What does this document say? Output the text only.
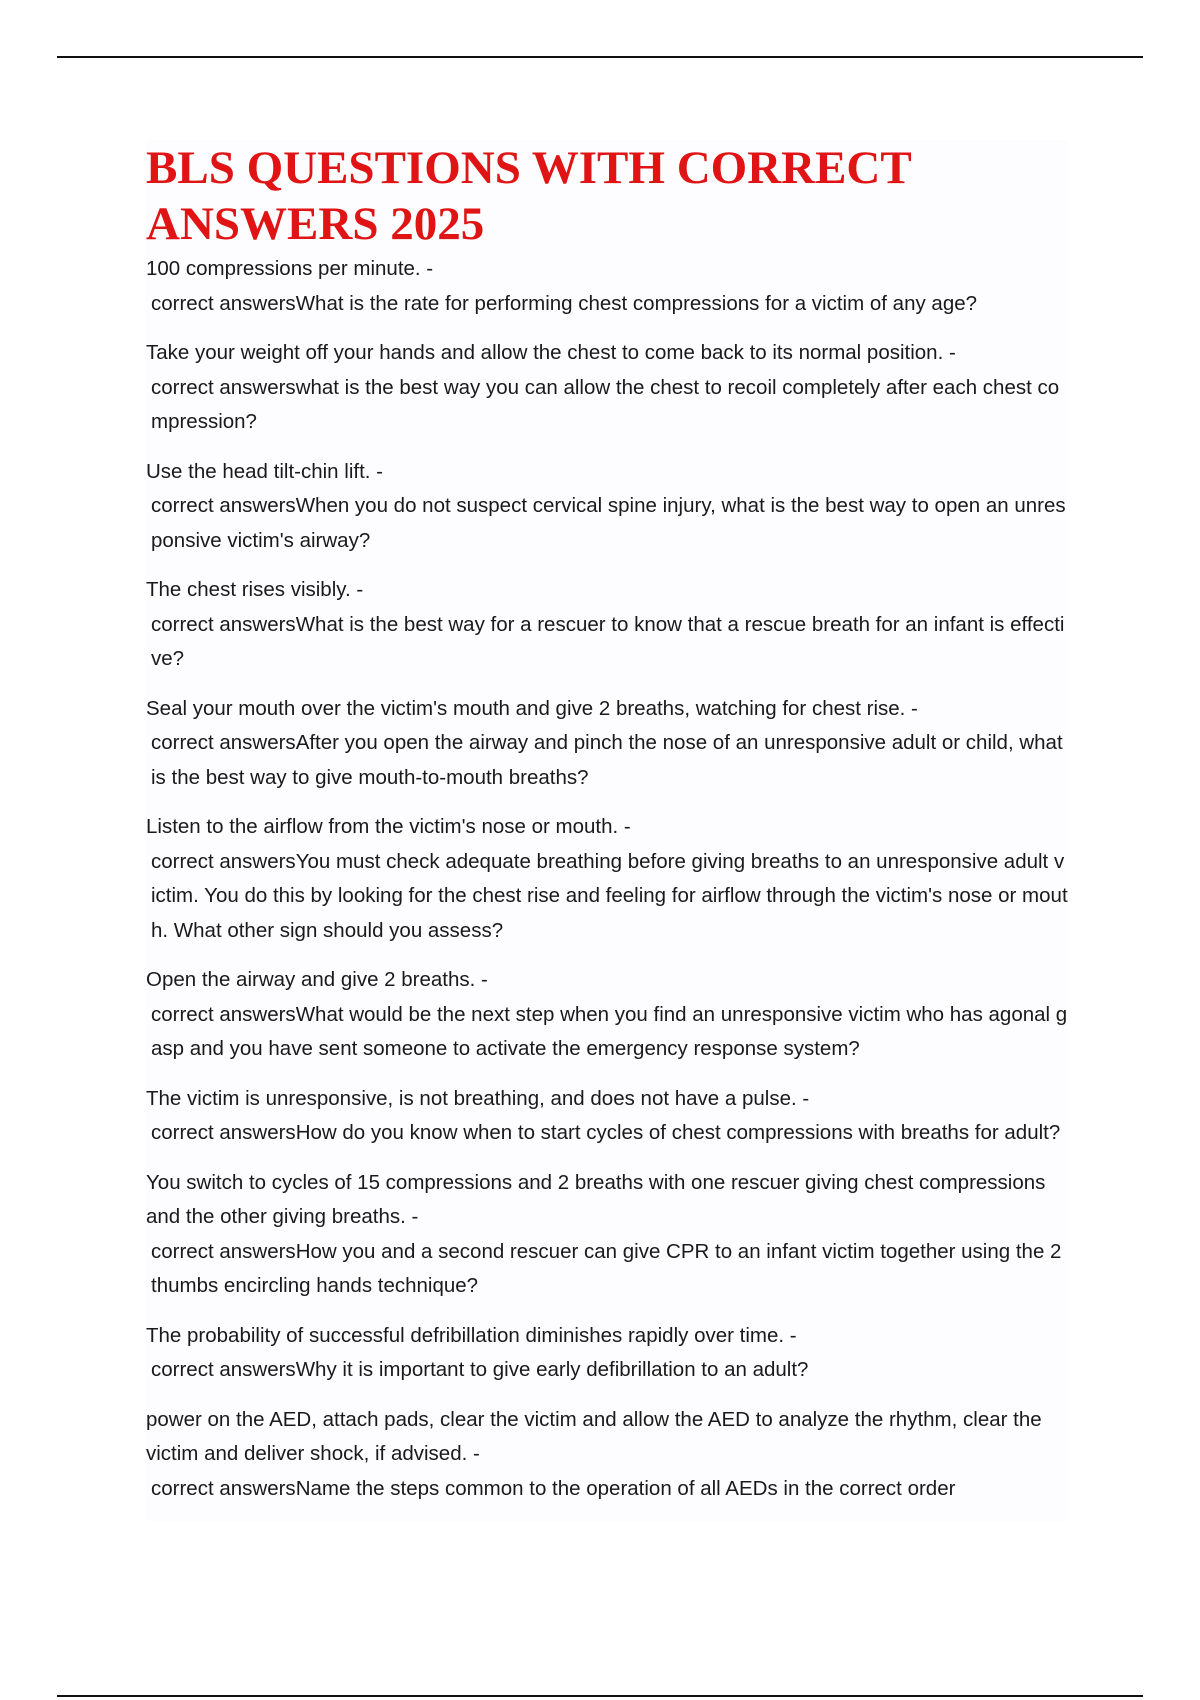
BLS QUESTIONS WITH CORRECT ANSWERS 2025
100 compressions per minute. -
correct answersWhat is the rate for performing chest compressions for a victim of any age?
Take your weight off your hands and allow the chest to come back to its normal position. -
correct answerswhat is the best way you can allow the chest to recoil completely after each chest compression?
Use the head tilt-chin lift. -
correct answersWhen you do not suspect cervical spine injury, what is the best way to open an unresponsive victim's airway?
The chest rises visibly. -
correct answersWhat is the best way for a rescuer to know that a rescue breath for an infant is effective?
Seal your mouth over the victim's mouth and give 2 breaths, watching for chest rise. -
correct answersAfter you open the airway and pinch the nose of an unresponsive adult or child, what is the best way to give mouth-to-mouth breaths?
Listen to the airflow from the victim's nose or mouth. -
correct answersYou must check adequate breathing before giving breaths to an unresponsive adult victim. You do this by looking for the chest rise and feeling for airflow through the victim's nose or mouth. What other sign should you assess?
Open the airway and give 2 breaths. -
correct answersWhat would be the next step when you find an unresponsive victim who has agonal gasp and you have sent someone to activate the emergency response system?
The victim is unresponsive, is not breathing, and does not have a pulse. -
correct answersHow do you know when to start cycles of chest compressions with breaths for adult?
You switch to cycles of 15 compressions and 2 breaths with one rescuer giving chest compressions and the other giving breaths. -
correct answersHow you and a second rescuer can give CPR to an infant victim together using the 2 thumbs encircling hands technique?
The probability of successful defribillation diminishes rapidly over time. -
correct answersWhy it is important to give early defibrillation to an adult?
power on the AED, attach pads, clear the victim and allow the AED to analyze the rhythm, clear the victim and deliver shock, if advised. -
correct answersName the steps common to the operation of all AEDs in the correct order
